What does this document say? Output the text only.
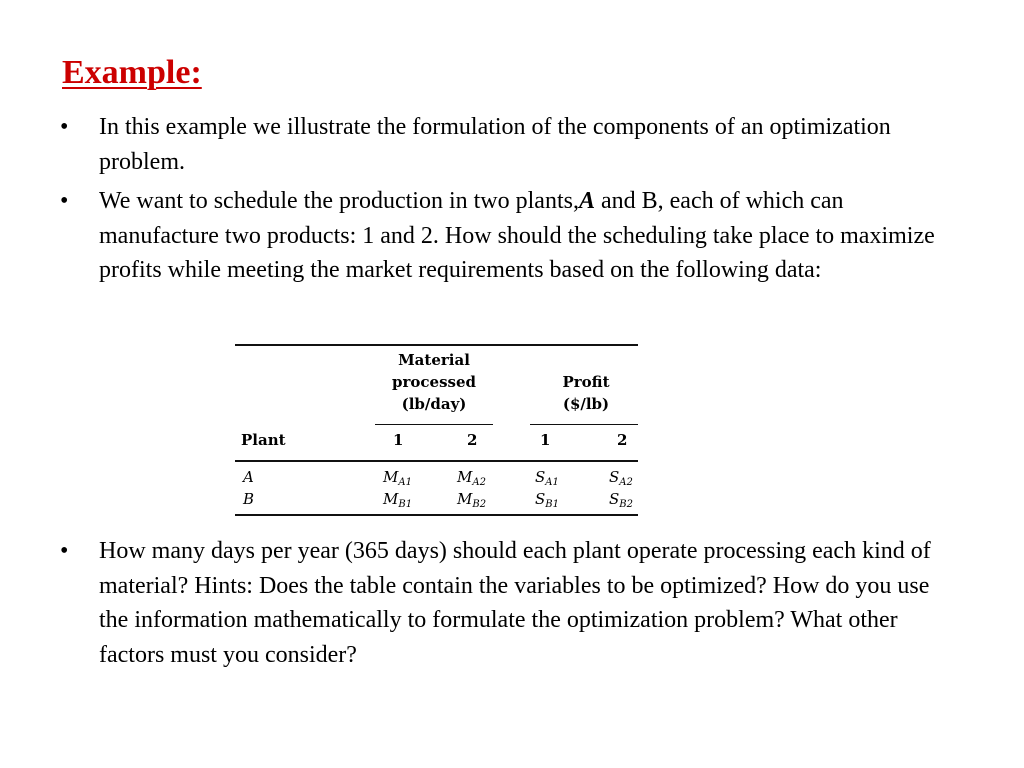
Example:
• In this example we illustrate the formulation of the components of an optimization problem.
• We want to schedule the production in two plants,A and B, each of which can manufacture two products: 1 and 2. How should the scheduling take place to maximize profits while meeting the market requirements based on the following data:
Material
processed
(lb/day)
Profit
($/lb)
Plant	1	2	1	2
A	$M_{A1}$	$M_{A2}$	$S_{A1}$	$S_{A2}$
B	$M_{B1}$	$M_{B2}$	$S_{B1}$	$S_{B2}$
• How many days per year (365 days) should each plant operate processing each kind of material? Hints: Does the table contain the variables to be optimized? How do you use the information mathematically to formulate the optimization problem? What other factors must you consider?
